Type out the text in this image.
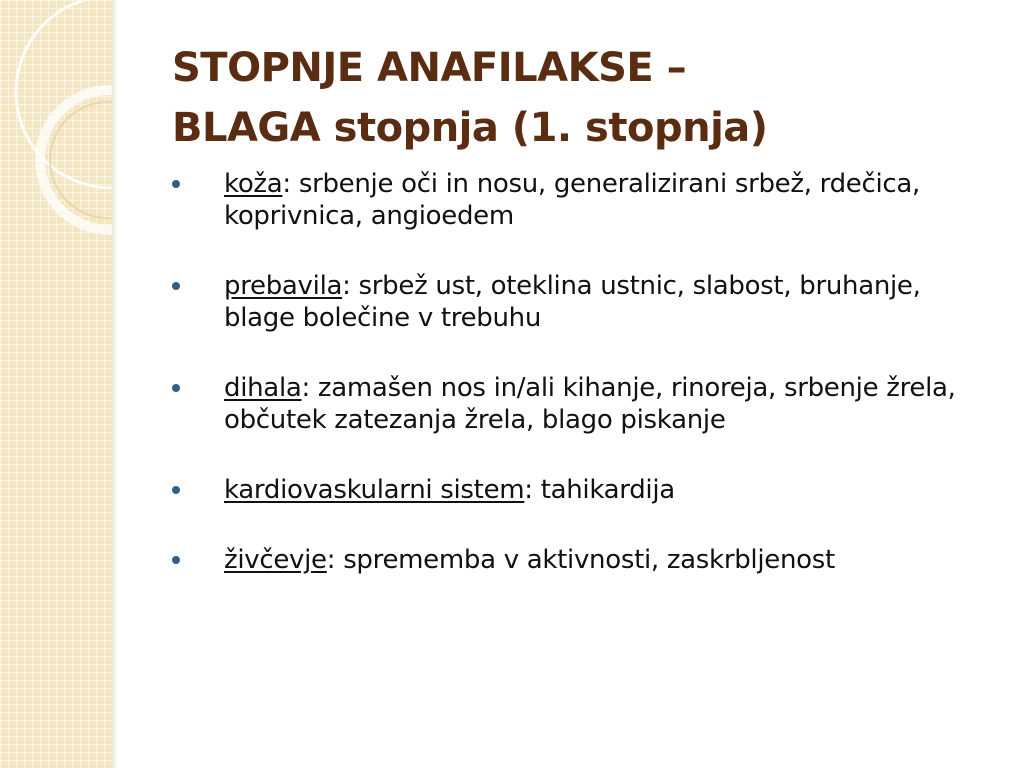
STOPNJE ANAFILAKSE –
BLAGA stopnja (1. stopnja)
koža: srbenje oči in nosu, generalizirani srbež, rdečica, koprivnica, angioedem
prebavila: srbež ust, oteklina ustnic, slabost, bruhanje, blage bolečine v trebuhu
dihala: zamašen nos in/ali kihanje, rinoreja, srbenje žrela, občutek zatezanja žrela, blago piskanje
kardiovaskularni sistem: tahikardija
živčevje: sprememba v aktivnosti, zaskrbljenost
